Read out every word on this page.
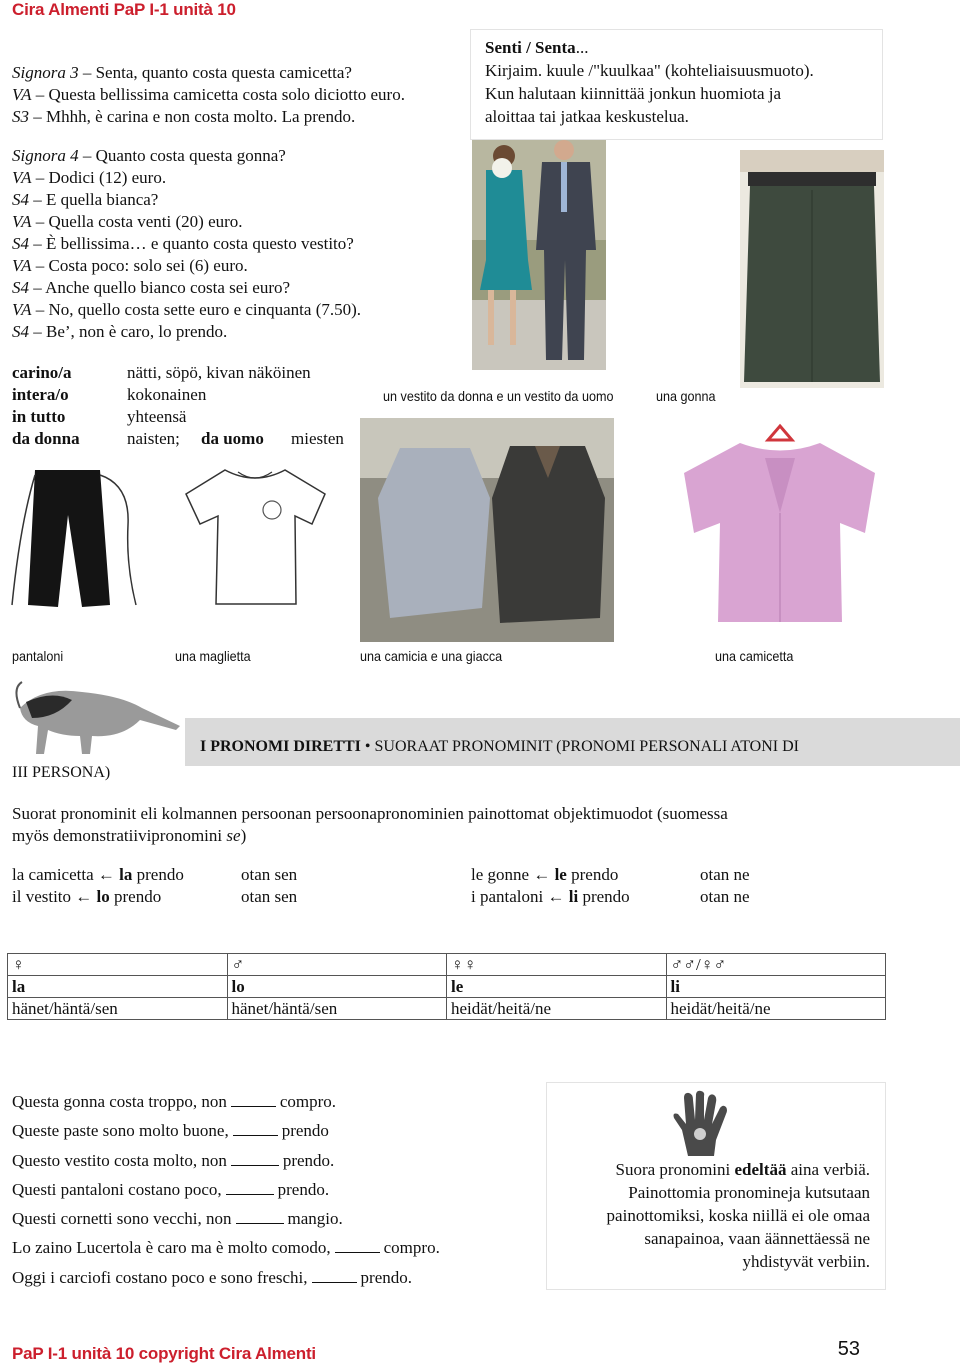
Cira Almenti PaP I-1 unità 10
Signora 3 – Senta, quanto costa questa camicetta?
VA – Questa bellissima camicetta costa solo diciotto euro.
S3 – Mhhh, è carina e non costa molto. La prendo.
Senti / Senta...
Kirjaim. kuule /"kuulkaa" (kohteliaisuusmuoto).
Kun halutaan kiinnittää jonkun huomiota ja
aloittaa tai jatkaa keskustelua.
Signora 4 – Quanto costa questa gonna?
VA – Dodici (12) euro.
S4 – E quella bianca?
VA – Quella costa venti (20) euro.
S4 – È bellissima… e quanto costa questo vestito?
VA – Costa poco: solo sei (6) euro.
S4 – Anche quello bianco costa sei euro?
VA – No, quello costa sette euro e cinquanta (7.50).
S4 – Be’, non è caro, lo prendo.
carino/a	nätti, söpö, kivan näköinen		
intera/o	kokonainen		
in tutto	yhteensä		
da donna	naisten;	da uomo	miesten
un vestito da donna e un vestito da uomo	una gonna
pantaloni	una maglietta	una camicia e una giacca	una camicetta
I PRONOMI DIRETTI • SUORAAT PRONOMINIT (PRONOMI PERSONALI ATONI DI
III PERSONA)
Suorat pronominit eli kolmannen persoonan persoonapronominien painottomat objektimuodot (suomessa
myös demonstratiivipronomini se)
la camicetta ← la prendo	otan sen
il vestito ← lo prendo	otan sen
le gonne ← le prendo	otan ne
i pantaloni ← li prendo	otan ne
♀	♂	♀♀	♂♂/♀♂
la	lo	le	li
hänet/häntä/sen	hänet/häntä/sen	heidät/heitä/ne	heidät/heitä/ne
Questa gonna costa troppo, non	compro.
Queste paste sono molto buone,	prendo
Questo vestito costa molto, non	prendo.
Questi pantaloni costano poco,	prendo.
Questi cornetti sono vecchi, non	mangio.
Lo zaino Lucertola è caro ma è molto comodo,	compro.
Oggi i carciofi costano poco e sono freschi,	prendo.
Suora pronomini edeltää aina verbiä.
Painottomia pronomineja kutsutaan
painottomiksi, koska niillä ei ole omaa
sanapainoa, vaan äännettäessä ne
yhdistyvät verbiin.
PaP I-1 unità 10 copyright Cira Almenti	53
